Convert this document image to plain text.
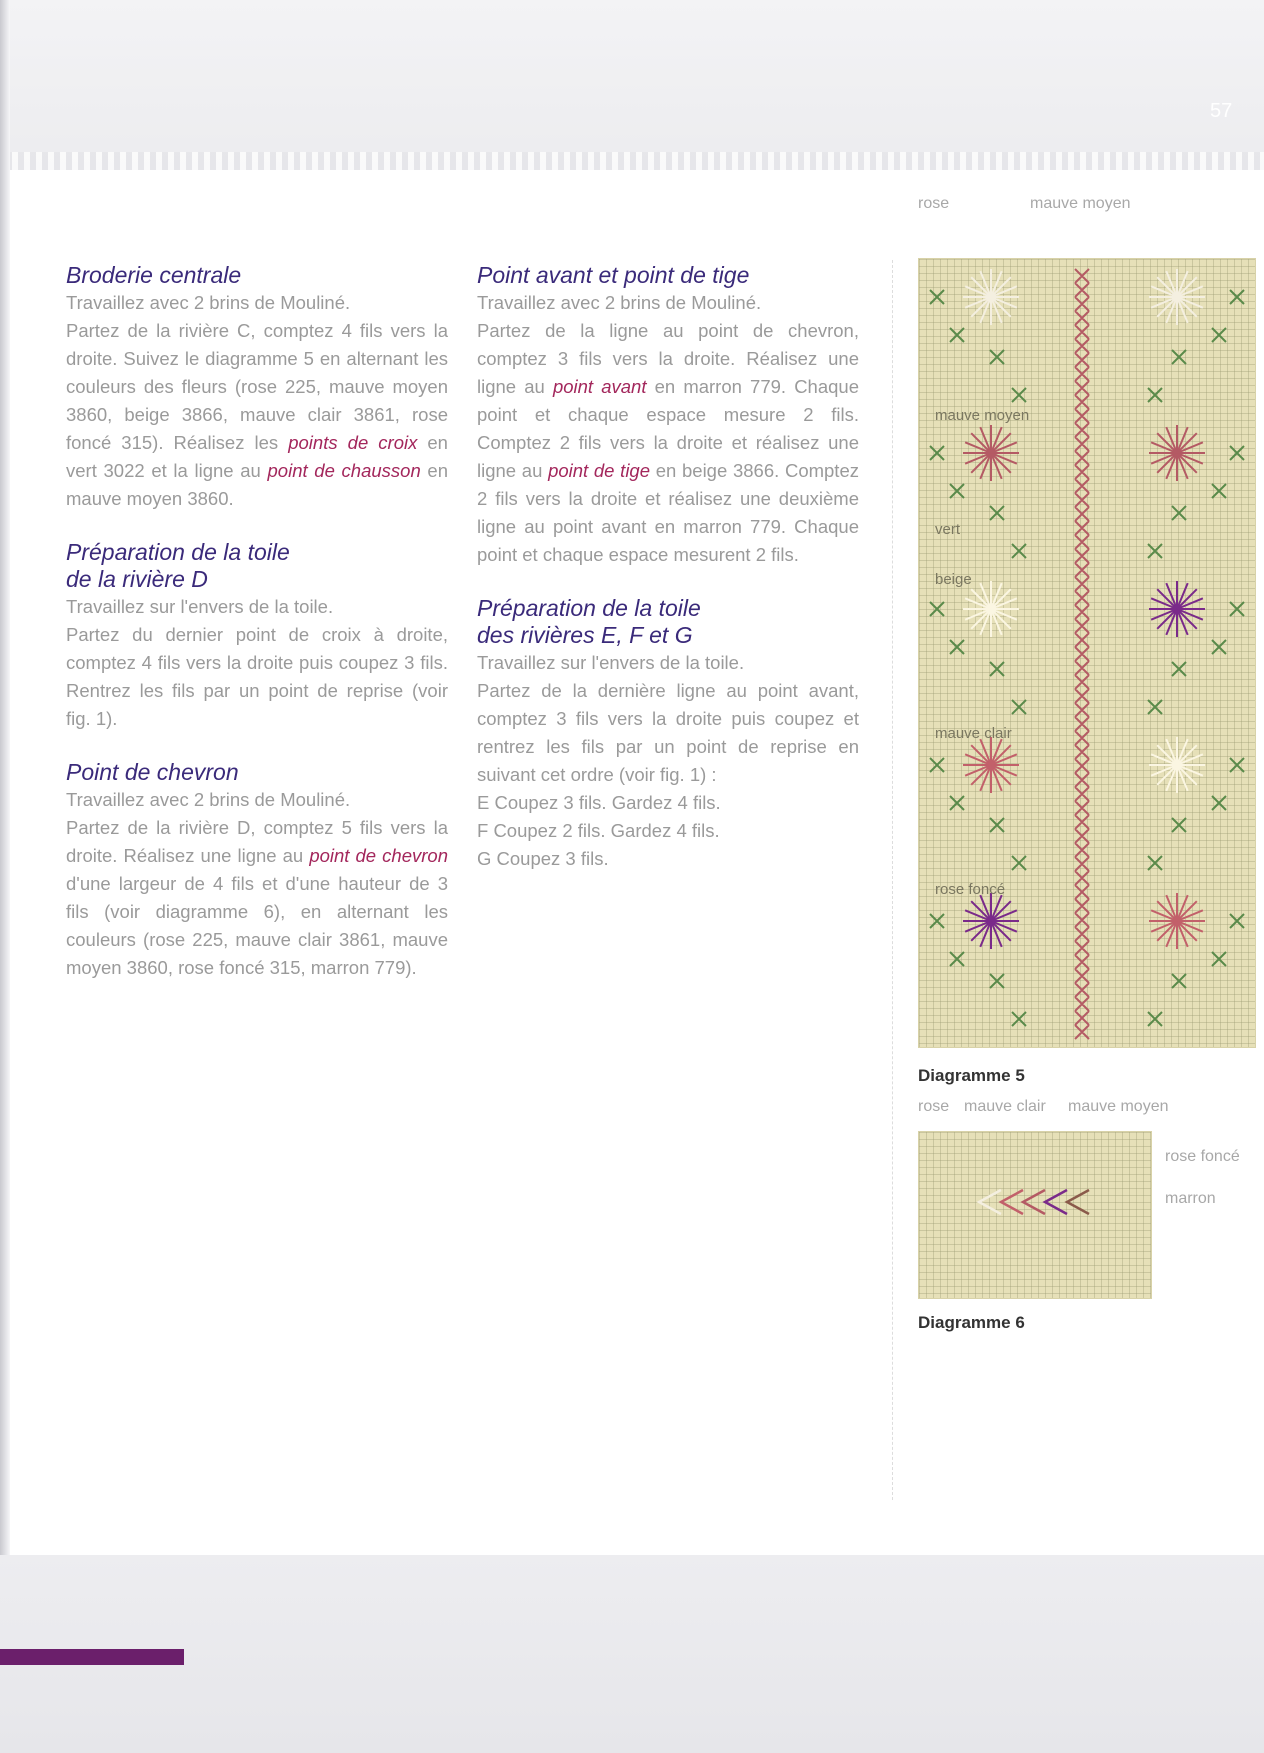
57
Broderie centrale

Travaillez avec 2 brins de Mouliné.

Partez de la rivière C, comptez 4 fils vers la droite. Suivez le diagramme 5 en alternant les couleurs des fleurs (rose 225, mauve moyen 3860, beige 3866, mauve clair 3861, rose foncé 315). Réalisez les points de croix en vert 3022 et la ligne au point de chausson en mauve moyen 3860.

Préparation de la toile
de la rivière D

Travaillez sur l'envers de la toile.

Partez du dernier point de croix à droite, comptez 4 fils vers la droite puis coupez 3 fils. Rentrez les fils par un point de reprise (voir fig. 1).

Point de chevron

Travaillez avec 2 brins de Mouliné.

Partez de la rivière D, comptez 5 fils vers la droite. Réalisez une ligne au point de chevron d'une largeur de 4 fils et d'une hauteur de 3 fils (voir diagramme 6), en alternant les couleurs (rose 225, mauve clair 3861, mauve moyen 3860, rose foncé 315, marron 779).

Point avant et point de tige

Travaillez avec 2 brins de Mouliné.

Partez de la ligne au point de chevron, comptez 3 fils vers la droite. Réalisez une ligne au point avant en marron 779. Chaque point et chaque espace mesure 2 fils. Comptez 2 fils vers la droite et réalisez une ligne au point de tige en beige 3866. Comptez 2 fils vers la droite et réalisez une deuxième ligne au point avant en marron 779. Chaque point et chaque espace mesurent 2 fils.

Préparation de la toile
des rivières E, F et G

Travaillez sur l'envers de la toile.

Partez de la dernière ligne au point avant, comptez 3 fils vers la droite puis coupez et rentrez les fils par un point de reprise en suivant cet ordre (voir fig. 1) :

E Coupez 3 fils. Gardez 4 fils.

F Coupez 2 fils. Gardez 4 fils.

G Coupez 3 fils.

rose	mauve moyen
mauve moyen
vert
beige
mauve clair
rose foncé
Diagramme 5
rose mauve clair mauve moyen
rose foncé
marron
Diagramme 6
